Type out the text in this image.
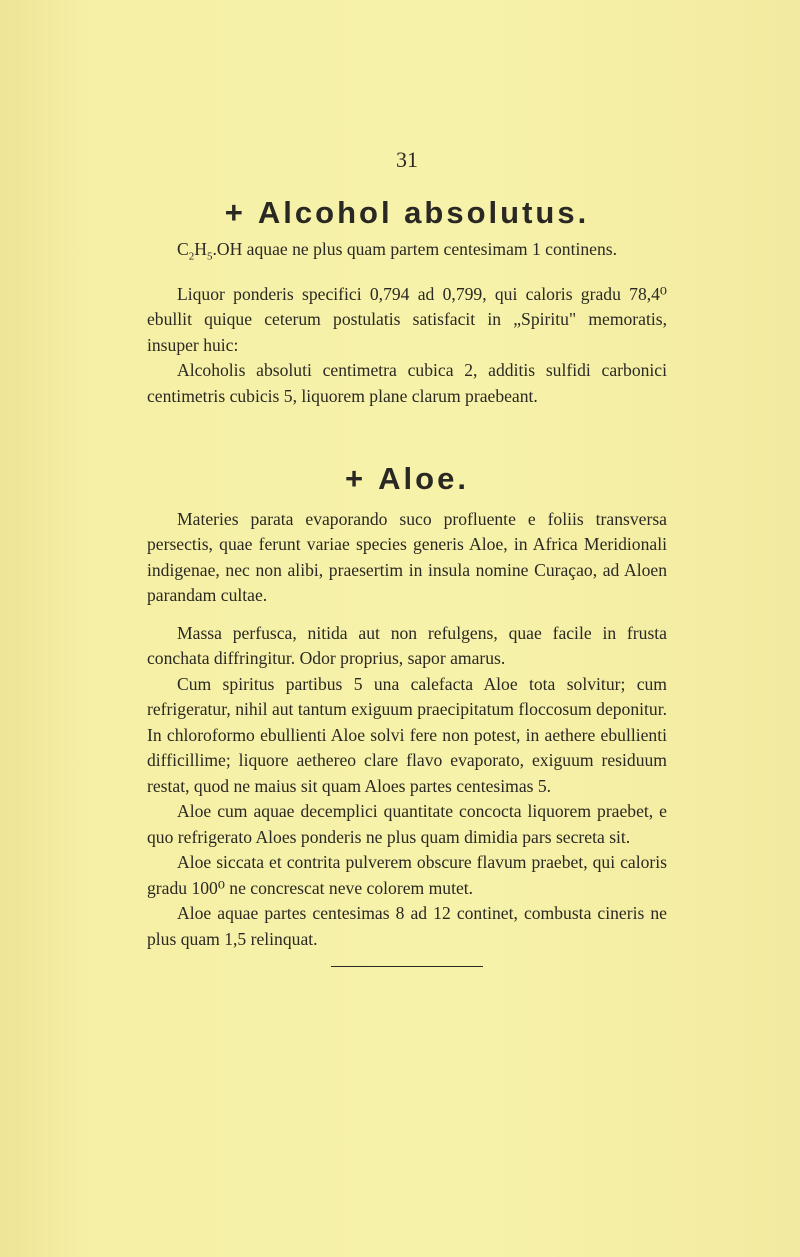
31
+ Alcohol absolutus.

$C_2H_5.OH$ aquae ne plus quam partem centesimam 1 continens.

Liquor ponderis specifici 0,794 ad 0,799, qui caloris gradu 78,4⁰ ebullit quique ceterum postulatis satisfacit in „Spiritu" memoratis, insuper huic:

Alcoholis absoluti centimetra cubica 2, additis sulfidi carbonici centimetris cubicis 5, liquorem plane clarum praebeant.

+ Aloe.

Materies parata evaporando suco profluente e foliis transversa persectis, quae ferunt variae species generis Aloe, in Africa Meridionali indigenae, nec non alibi, praesertim in insula nomine Curaçao, ad Aloen parandam cultae.

Massa perfusca, nitida aut non refulgens, quae facile in frusta conchata diffringitur. Odor proprius, sapor amarus.

Cum spiritus partibus 5 una calefacta Aloe tota solvitur; cum refrigeratur, nihil aut tantum exiguum praecipitatum floccosum deponitur. In chloroformo ebullienti Aloe solvi fere non potest, in aethere ebullienti difficillime; liquore aethereo clare flavo evaporato, exiguum residuum restat, quod ne maius sit quam Aloes partes centesimas 5.

Aloe cum aquae decemplici quantitate concocta liquorem praebet, e quo refrigerato Aloes ponderis ne plus quam dimidia pars secreta sit.

Aloe siccata et contrita pulverem obscure flavum praebet, qui caloris gradu 100⁰ ne concrescat neve colorem mutet.

Aloe aquae partes centesimas 8 ad 12 continet, combusta cineris ne plus quam 1,5 relinquat.
